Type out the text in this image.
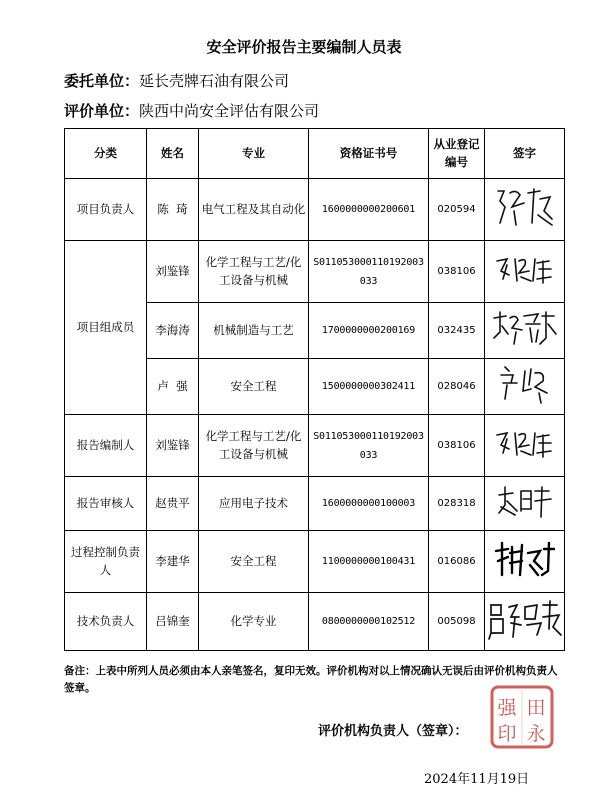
安全评价报告主要编制人员表
委托单位：延长壳牌石油有限公司
评价单位：陕西中尚安全评估有限公司
分类	姓名	专业	资格证书号	从业登记编号	签字
项目负责人	陈  琦	电气工程及其自动化	1600000000200601	020594	
项目组成员	刘鉴锋	化学工程与工艺/化工设备与机械	S011053000110192003033	038106	
	李海涛	机械制造与工艺	1700000000200169	032435	
	卢  强	安全工程	1500000000302411	028046	
报告编制人	刘鉴锋	化学工程与工艺/化工设备与机械	S011053000110192003033	038106	
报告审核人	赵贵平	应用电子技术	1600000000100003	028318	
过程控制负责人	李建华	安全工程	1100000000100431	016086	
技术负责人	吕锦奎	化学专业	0800000000102512	005098	
备注：上表中所列人员必须由本人亲笔签名，复印无效。评价机构对以上情况确认无误后由评价机构负责人签章。
评价机构负责人（签章）：
强 田
印 永
2024年11月19日
